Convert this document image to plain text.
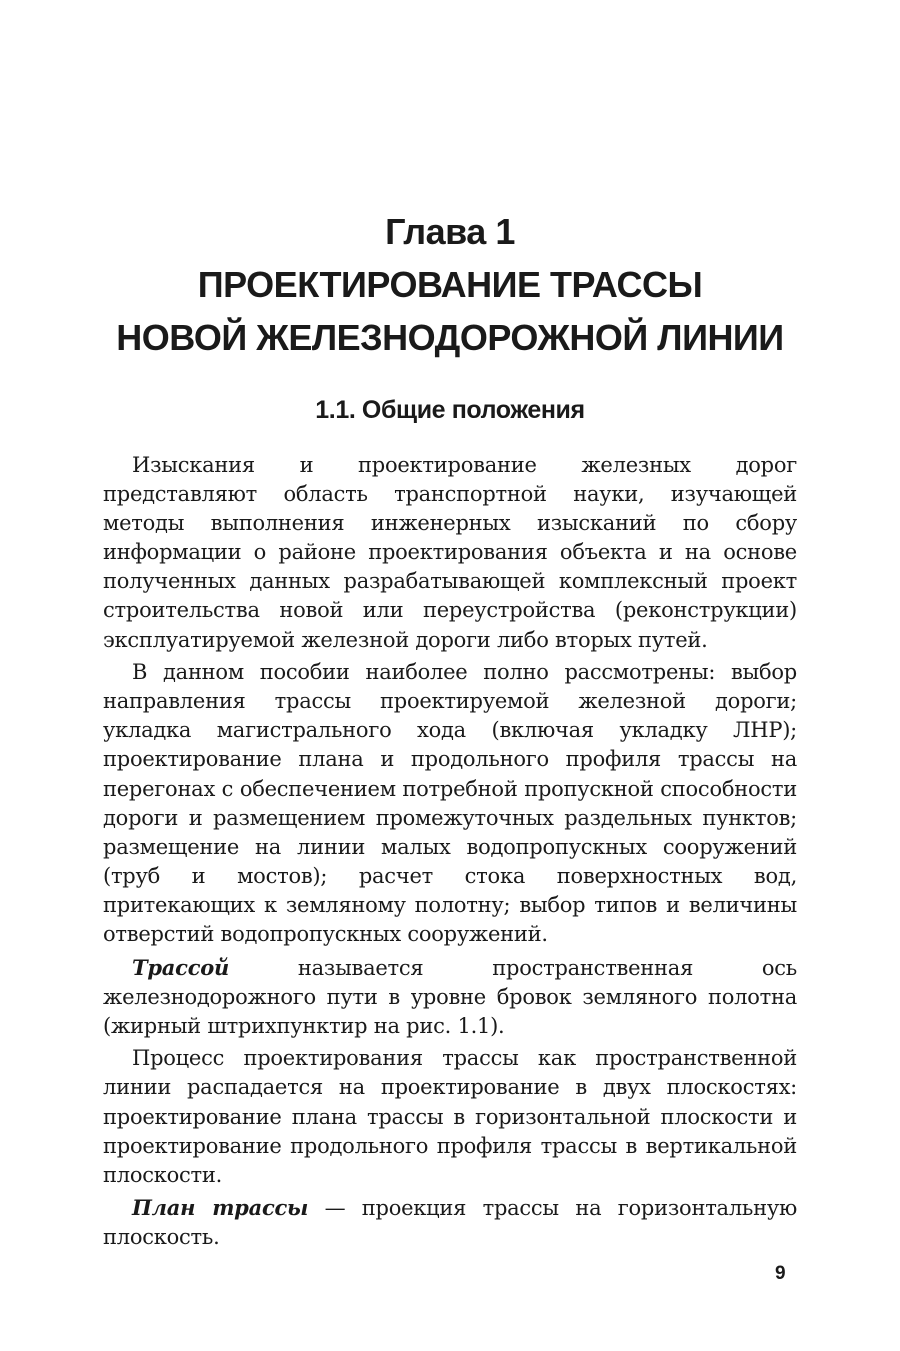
Глава 1
ПРОЕКТИРОВАНИЕ ТРАССЫ
НОВОЙ ЖЕЛЕЗНОДОРОЖНОЙ ЛИНИИ
1.1. Общие положения

Изыскания и проектирование железных дорог представляют область транспортной науки, изучающей методы выполнения инженерных изысканий по сбору информации о районе проектирования объекта и на основе полученных данных разрабатывающей комплексный проект строительства новой или переустройства (реконструкции) эксплуатируемой железной дороги либо вторых путей.

В данном пособии наиболее полно рассмотрены: выбор направления трассы проектируемой железной дороги; укладка магистрального хода (включая укладку ЛНР); проектирование плана и продольного профиля трассы на перегонах с обеспечением потребной пропускной способности дороги и размещением промежуточных раздельных пунктов; размещение на линии малых водопропускных сооружений (труб и мостов); расчет стока поверхностных вод, притекающих к земляному полотну; выбор типов и величины отверстий водопропускных сооружений.

Трассой называется пространственная ось железнодорожного пути в уровне бровок земляного полотна (жирный штрихпунктир на рис. 1.1).

Процесс проектирования трассы как пространственной линии распадается на проектирование в двух плоскостях: проектирование плана трассы в горизонтальной плоскости и проектирование продольного профиля трассы в вертикальной плоскости.

План трассы — проекция трассы на горизонтальную плоскость.

9
